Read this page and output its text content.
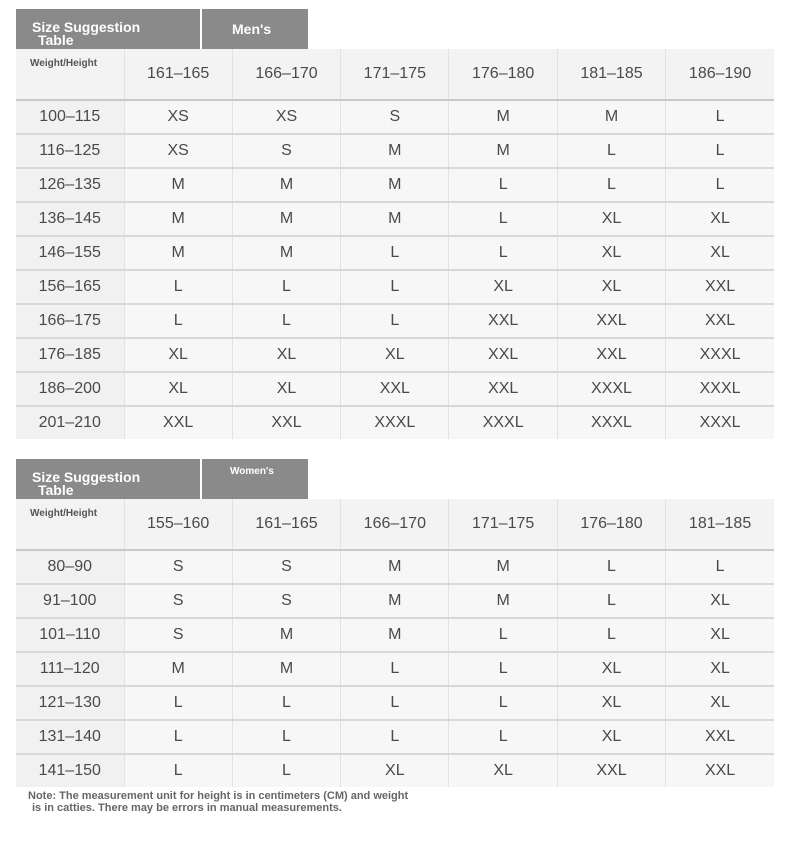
Size Suggestion
Table
Men's
Weight/Height	161–165	166–170	171–175	176–180	181–185	186–190
100–115	XS	XS	S	M	M	L
116–125	XS	S	M	M	L	L
126–135	M	M	M	L	L	L
136–145	M	M	M	L	XL	XL
146–155	M	M	L	L	XL	XL
156–165	L	L	L	XL	XL	XXL
166–175	L	L	L	XXL	XXL	XXL
176–185	XL	XL	XL	XXL	XXL	XXXL
186–200	XL	XL	XXL	XXL	XXXL	XXXL
201–210	XXL	XXL	XXXL	XXXL	XXXL	XXXL
Size Suggestion
Table
Women's
Weight/Height	155–160	161–165	166–170	171–175	176–180	181–185
80–90	S	S	M	M	L	L
91–100	S	S	M	M	L	XL
101–110	S	M	M	L	L	XL
111–120	M	M	L	L	XL	XL
121–130	L	L	L	L	XL	XL
131–140	L	L	L	L	XL	XXL
141–150	L	L	XL	XL	XXL	XXL
Note: The measurement unit for height is in centimeters (CM) and weight
is in catties. There may be errors in manual measurements.
